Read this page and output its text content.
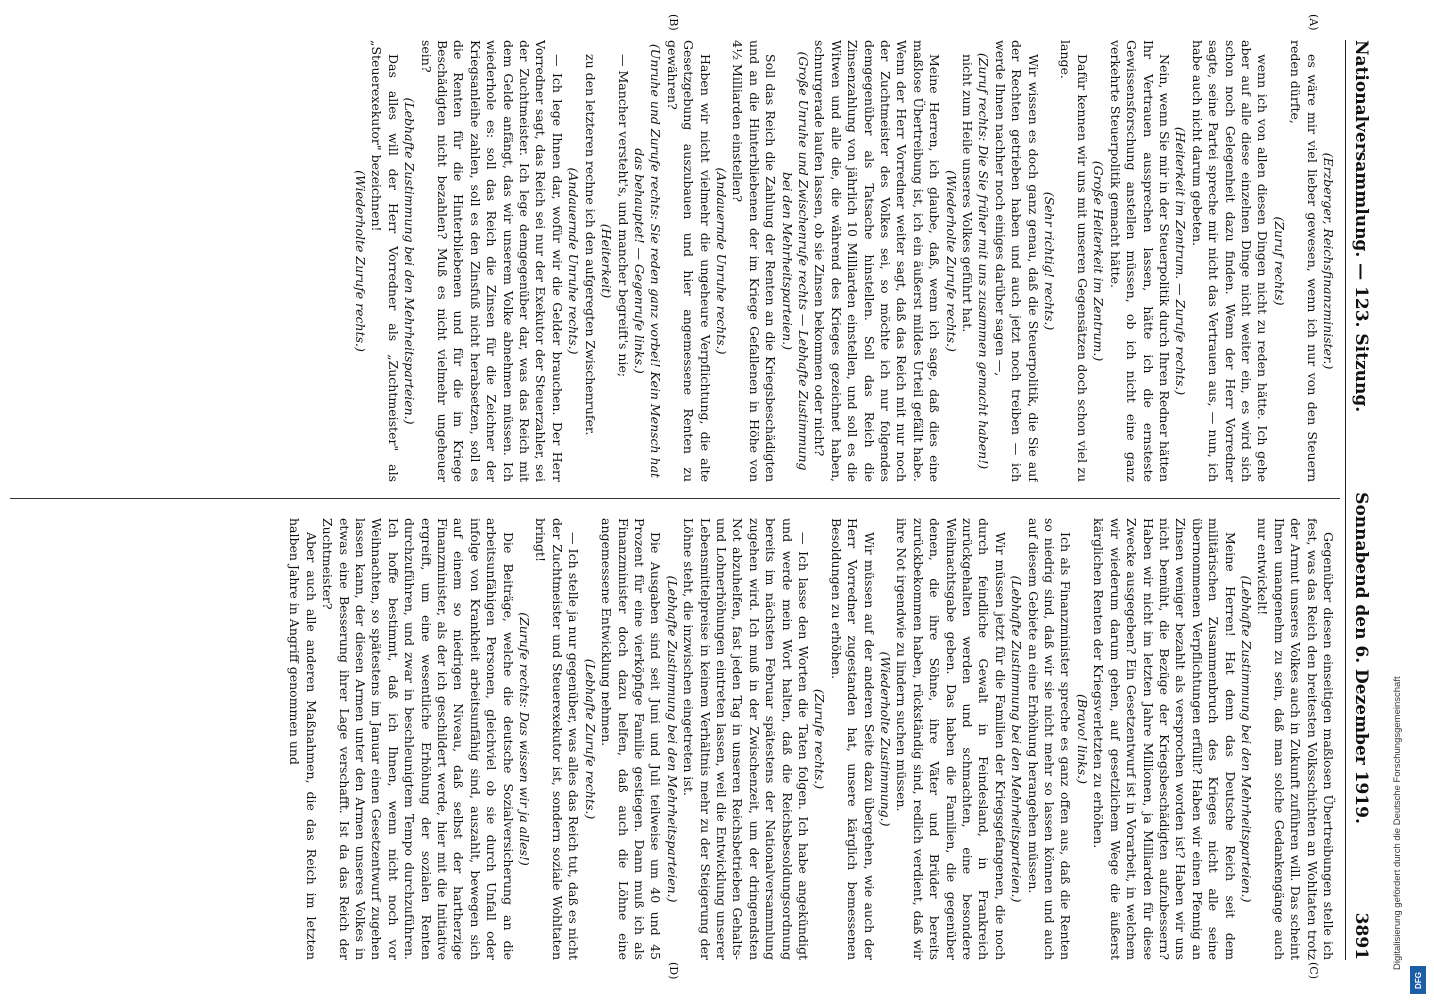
Nationalversammlung. — 123. Sitzung.
Sonnabend den 6. Dezember 1919.
3891
(A)
(B)
(C)
(D)

(Erzberger, Reichsfinanzminister.)

es wäre mir viel lieber gewesen, wenn ich nur von den Steuern reden dürfte,

(Zuruf rechts)

wenn ich von allen diesen Dingen nicht zu reden hätte. Ich gehe aber auf alle diese einzelnen Dinge nicht weiter ein, es wird sich schon noch Gelegenheit dazu finden. Wenn der Herr Vorredner sagte, seine Partei spreche mir nicht das Vertrauen aus, — nun, ich habe auch nicht darum gebeten.

(Heiterkeit im Zentrum. — Zurufe rechts.)

Nein, wenn Sie mir in der Steuerpolitik durch Ihren Redner hätten Ihr Vertrauen aussprechen lassen, hätte ich die ernsteste Gewissensforschung anstellen müssen, ob ich nicht eine ganz verkehrte Steuerpolitik gemacht hätte.

(Große Heiterkeit im Zentrum.)

Dafür kennen wir uns mit unseren Gegensätzen doch schon viel zu lange.

(Sehr richtig! rechts.)

Wir wissen es doch ganz genau, daß die Steuerpolitik, die Sie auf der Rechten getrieben haben und auch jetzt noch treiben — ich werde Ihnen nachher noch einiges darüber sagen —,

(Zuruf rechts: Die Sie früher mit uns zusammen gemacht haben!)

nicht zum Heile unseres Volkes geführt hat.

(Wiederholte Zurufe rechts.)

Meine Herren, ich glaube, daß, wenn ich sage, daß dies eine maßlose Übertreibung ist, ich ein äußerst mildes Urteil gefällt habe. Wenn der Herr Vorredner weiter sagt, daß das Reich mit nur noch der Zuchtmeister des Volkes sei, so möchte ich nur folgendes demgegenüber als Tatsache hinstellen. Soll das Reich die Zinsenzahlung von jährlich 10 Milliarden einstellen, und soll es die Witwen und alle die, die während des Krieges gezeichnet haben, schnurgerade laufen lassen, ob sie Zinsen bekommen oder nicht?

(Große Unruhe und Zwischenrufe rechts — Lebhafte Zustimmung bei den Mehrheitsparteien.)

Soll das Reich die Zahlung der Renten an die Kriegsbeschädigten und an die Hinterbliebenen der im Kriege Gefallenen in Höhe von 4½ Milliarden einstellen?

(Andauernde Unruhe rechts.)

Haben wir nicht vielmehr die ungeheure Verpflichtung, die alte Gesetzgebung auszubauen und hier angemessene Renten zu gewähren?

(Unruhe und Zurufe rechts: Sie reden ganz vorbei! Kein Mensch hat das behauptet! — Gegenrufe links.)

— Mancher versteht's, und mancher begreift's nie;

(Heiterkeit)

zu den letzteren rechne ich den aufgeregten Zwischenrufer.

(Andauernde Unruhe rechts.)

— Ich lege Ihnen dar, wofür wir die Gelder brauchen. Der Herr Vorredner sagt, das Reich sei nur der Exekutor der Steuerzahler, sei der Zuchtmeister. Ich lege demgegenüber dar, was das Reich mit dem Gelde anfängt, das wir unserem Volke abnehmen müssen. Ich wiederhole es: soll das Reich die Zinsen für die Zeichner der Kriegsanleihe zahlen, soll es den Zinsfuß nicht herabsetzen, soll es die Renten für die Hinterbliebenen und für die im Kriege Beschädigten nicht bezahlen? Muß es nicht vielmehr ungeheuer sein?

(Lebhafte Zustimmung bei den Mehrheitsparteien.)

Das alles will der Herr Vorredner als „Zuchtmeister" als „Steuerexekutor" bezeichnen!

(Wiederholte Zurufe rechts.)

Gegenüber diesen einseitigen maßlosen Übertreibungen stelle ich fest, was das Reich den breitesten Volksschichten an Wohltaten trotz der Armut unseres Volkes auch in Zukunft zuführen will. Das scheint Ihnen unangenehm zu sein, daß man solche Gedankengänge auch nur entwickelt!

(Lebhafte Zustimmung bei den Mehrheitsparteien.)

Meine Herren! Hat denn das Deutsche Reich seit dem militärischen Zusammenbruch des Krieges nicht alle seine übernommenen Verpflichtungen erfüllt? Haben wir einen Pfennig an Zinsen weniger bezahlt als versprochen worden ist? Haben wir uns nicht bemüht, die Bezüge der Kriegsbeschädigten aufzubessern? Haben wir nicht im letzten Jahre Millionen, ja Milliarden für diese Zwecke ausgegeben? Ein Gesetzentwurf ist in Vorarbeit, in welchem wir wiederum darum gehen, auf gesetzlichem Wege die äußerst kärglichen Renten der Kriegsverletzten zu erhöhen.

(Bravo! links.)

Ich als Finanzminister spreche es ganz offen aus, daß die Renten so niedrig sind, daß wir sie nicht mehr so lassen können und auch auf diesem Gebiete an eine Erhöhung herangehen müssen.

(Lebhafte Zustimmung bei den Mehrheitsparteien.)

Wir müssen jetzt für die Familien der Kriegsgefangenen, die noch durch feindliche Gewalt in Feindesland, in Frankreich zurückgehalten werden und schmachten, eine besondere Weihnachtsgabe geben. Das haben die Familien, die gegenüber denen, die ihre Söhne, ihre Väter und Brüder bereits zurückbekommen haben, rückständig sind, redlich verdient, daß wir ihre Not irgendwie zu lindern suchen müssen.

(Wiederholte Zustimmung.)

Wir müssen auf der anderen Seite dazu übergehen, wie auch der Herr Vorredner zugestanden hat, unsere kärglich bemessenen Besoldungen zu erhöhen.

(Zurufe rechts.)

— Ich lasse den Worten die Taten folgen. Ich habe angekündigt und werde mein Wort halten, daß die Reichsbesoldungsordnung bereits im nächsten Februar spätestens der Nationalversammlung zugehen wird. Ich muß in der Zwischenzeit, um der dringendsten Not abzuhelfen, fast jeden Tag in unseren Reichsbetrieben Gehalts- und Lohnerhöhungen eintreten lassen, weil die Entwicklung unserer Lebensmittelpreise in keinem Verhältnis mehr zu der Steigerung der Löhne steht, die inzwischen eingetreten ist.

(Lebhafte Zustimmung bei den Mehrheitsparteien.)

Die Ausgaben sind seit Juni und Juli teilweise um 40 und 45 Prozent für eine vierköpfige Familie gestiegen. Dann muß ich als Finanzminister doch dazu helfen, daß auch die Löhne eine angemessene Entwicklung nehmen.

(Lebhafte Zurufe rechts.)

— Ich stelle ja nur gegenüber, was alles das Reich tut, daß es nicht der Zuchtmeister und Steuerexekutor ist, sondern soziale Wohltaten bringt!

(Zurufe rechts: Das wissen wir ja alles!)

Die Beiträge, welche die deutsche Sozialversicherung an die arbeitsunfähigen Personen, gleichviel ob sie durch Unfall oder infolge von Krankheit arbeitsunfähig sind, auszahlt, bewegen sich auf einem so niedrigen Niveau, daß selbst der hartherzige Finanzminister, als der ich geschildert werde, hier mit die Initiative ergreift, um eine wesentliche Erhöhung der sozialen Renten durchzuführen, und zwar in beschleunigtem Tempo durchzuführen. Ich hoffe bestimmt, daß ich Ihnen, wenn nicht noch vor Weihnachten, so spätestens im Januar einen Gesetzentwurf zugehen lassen kann, der diesen Armen unter den Armen unseres Volkes in etwas eine Besserung ihrer Lage verschafft. Ist da das Reich der Zuchtmeister?

Aber auch alle anderen Maßnahmen, die das Reich im letzten halben Jahre in Angriff genommen und

Digitalisierung gefördert durch die Deutsche Forschungsgemeinschaft
DFG
